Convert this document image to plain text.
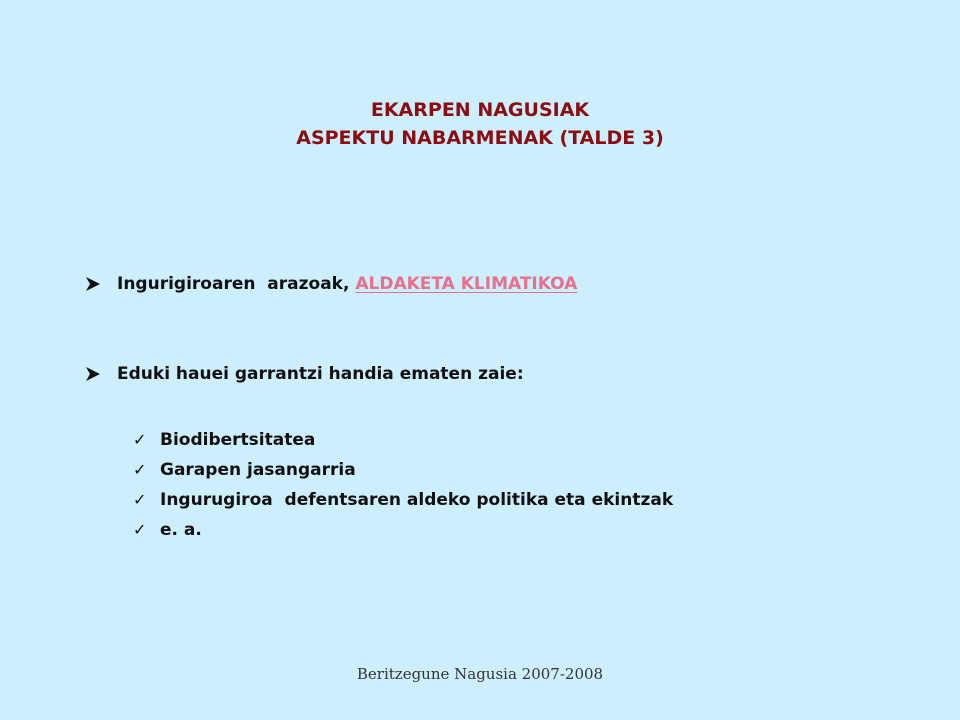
EKARPEN NAGUSIAK
ASPEKTU NABARMENAK (TALDE 3)
Ingurigiroaren  arazoak, ALDAKETA KLIMATIKOA
Eduki hauei garrantzi handia ematen zaie:
✓ Biodibertsitatea
✓ Garapen jasangarria
✓ Ingurugiroa  defentsaren aldeko politika eta ekintzak
✓ e. a.
Beritzegune Nagusia 2007-2008
